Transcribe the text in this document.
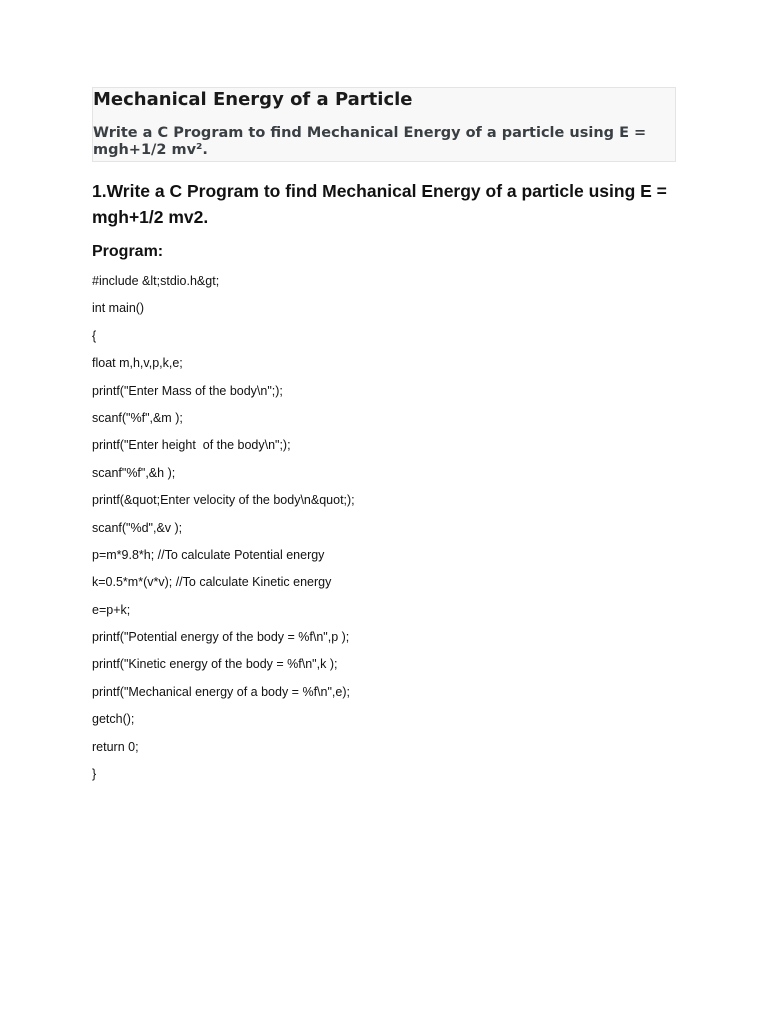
Mechanical Energy of a Particle
Write a C Program to find Mechanical Energy of a particle using E = mgh+1/2 mv².
1.Write a C Program to find Mechanical Energy of a particle using E = mgh+1/2 mv2.
Program:
#include &lt;stdio.h&gt;
int main()
{
float m,h,v,p,k,e;
printf("Enter Mass of the body\n";);
scanf("%f",&m );
printf("Enter height  of the body\n";);
scanf"%f",&h );
printf(&quot;Enter velocity of the body\n&quot;);
scanf("%d",&v );
p=m*9.8*h; //To calculate Potential energy
k=0.5*m*(v*v); //To calculate Kinetic energy
e=p+k;
printf("Potential energy of the body = %f\n",p );
printf("Kinetic energy of the body = %f\n",k );
printf("Mechanical energy of a body = %f\n",e);
getch();
return 0;
}
